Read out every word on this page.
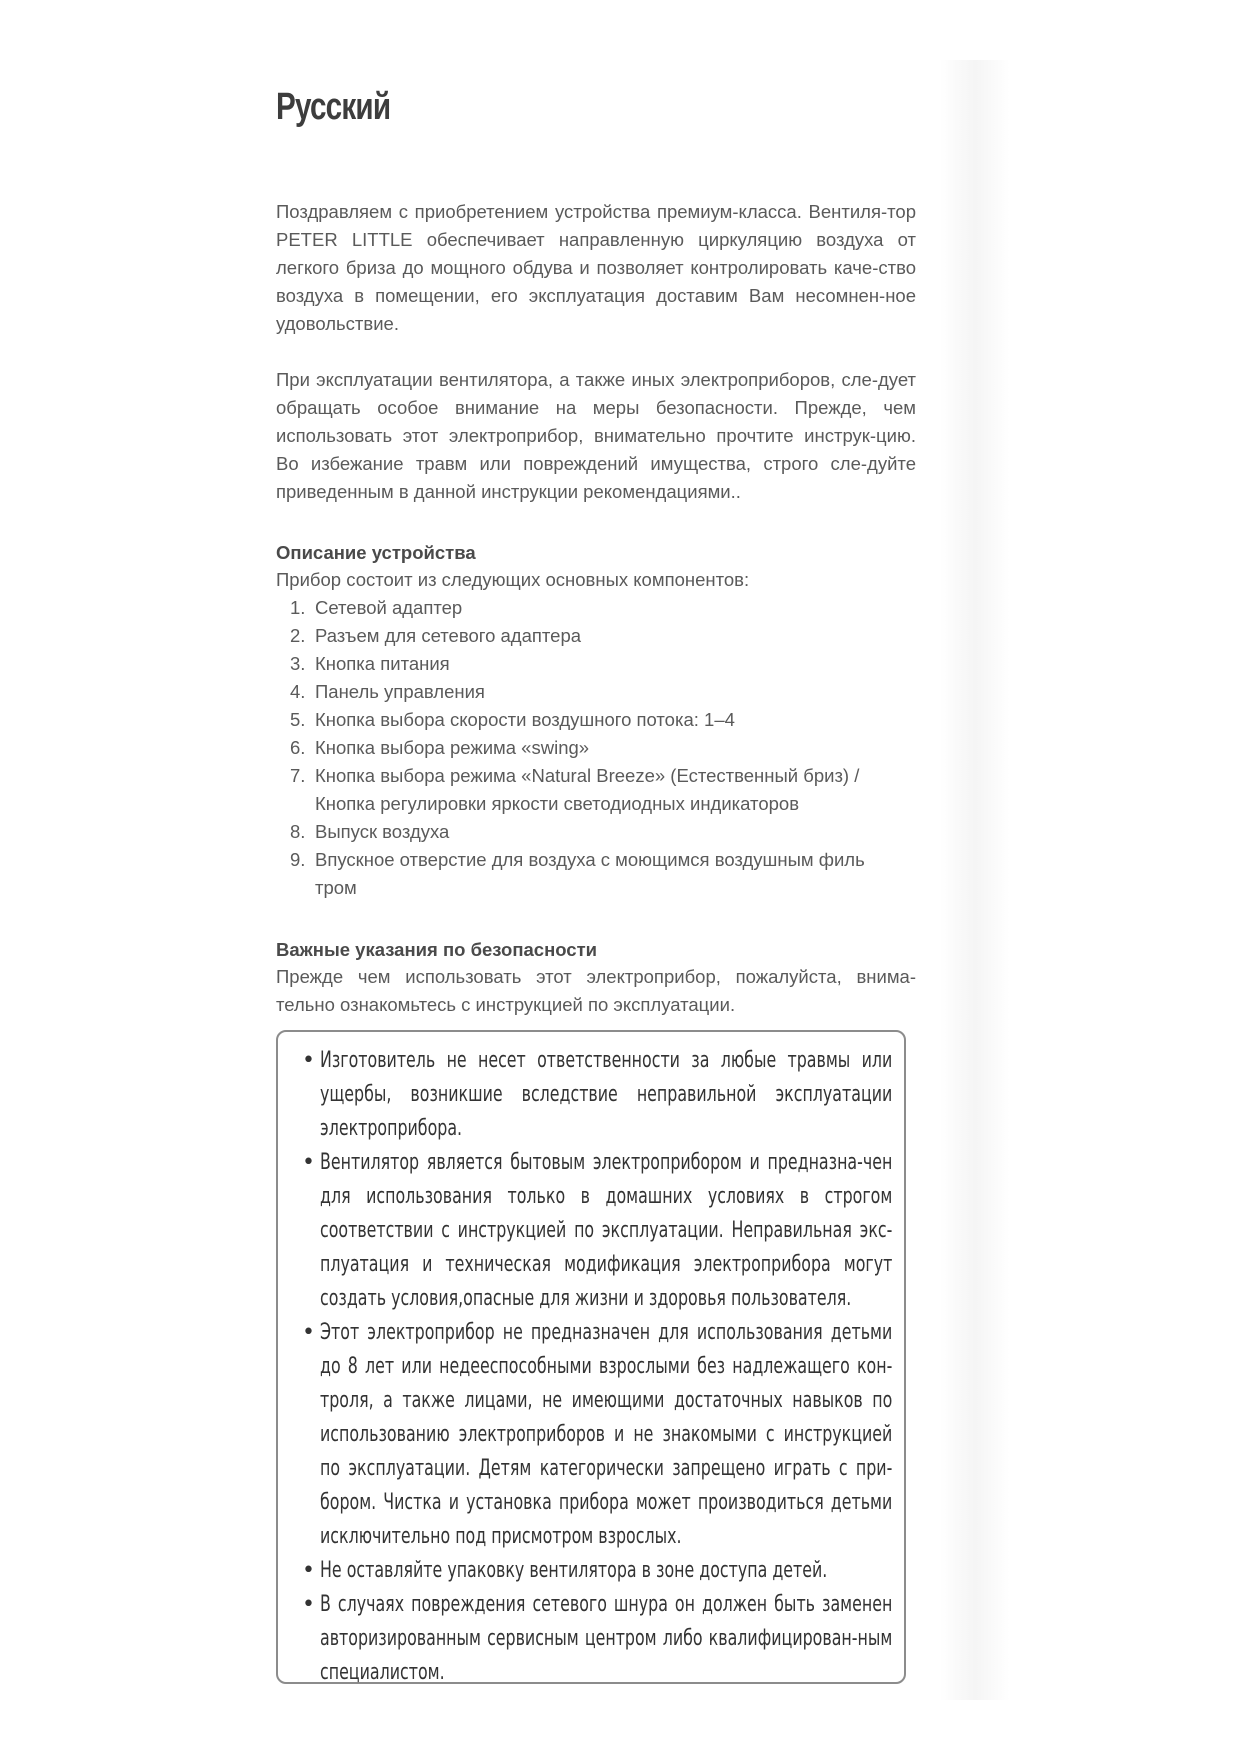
Русский

Поздравляем с приобретением устройства премиум-класса. Вентиля-тор PETER LITTLE обеспечивает направленную циркуляцию воздуха от легкого бриза до мощного обдува и позволяет контролировать каче-ство воздуха в помещении, его эксплуатация доставим Вам несомнен-ное удовольствие.

При эксплуатации вентилятора, а также иных электроприборов, сле-дует обращать особое внимание на меры безопасности. Прежде, чем использовать этот электроприбор, внимательно прочтите инструк-цию. Во избежание травм или повреждений имущества, строго сле-дуйте приведенным в данной инструкции рекомендациями..

Описание устройства

Прибор состоит из следующих основных компонентов:

1. Сетевой адаптер
2. Разъем для сетевого адаптера
3. Кнопка питания
4. Панель управления
5. Кнопка выбора скорости воздушного потока: 1–4
6. Кнопка выбора режима «swing»
7. Кнопка выбора режима «Natural Breeze» (Естественный бриз) / Кнопка регулировки яркости светодиодных индикаторов
8. Выпуск воздуха
9. Впускное отверстие для воздуха с моющимся воздушным филь тром
Важные указания по безопасности

Прежде чем использовать этот электроприбор, пожалуйста, внима-тельно ознакомьтесь с инструкцией по эксплуатации.

• Изготовитель не несет ответственности за любые травмы или ущербы, возникшие вследствие неправильной эксплуатации электроприбора.
• Вентилятор является бытовым электроприбором и предназна-чен для использования только в домашних условиях в строгом соответствии с инструкцией по эксплуатации. Неправильная экс-плуатация и техническая модификация электроприбора могут создать условия,опасные для жизни и здоровья пользователя.
• Этот электроприбор не предназначен для использования детьми до 8 лет или недееспособными взрослыми без надлежащего кон-троля, а также лицами, не имеющими достаточных навыков по использованию электроприборов и не знакомыми с инструкцией по эксплуатации. Детям категорически запрещено играть с при-бором. Чистка и установка прибора может производиться детьми исключительно под присмотром взрослых.
• Не оставляйте упаковку вентилятора в зоне доступа детей.
• В случаях повреждения сетевого шнура он должен быть заменен авторизированным сервисным центром либо квалифицирован-ным специалистом.
